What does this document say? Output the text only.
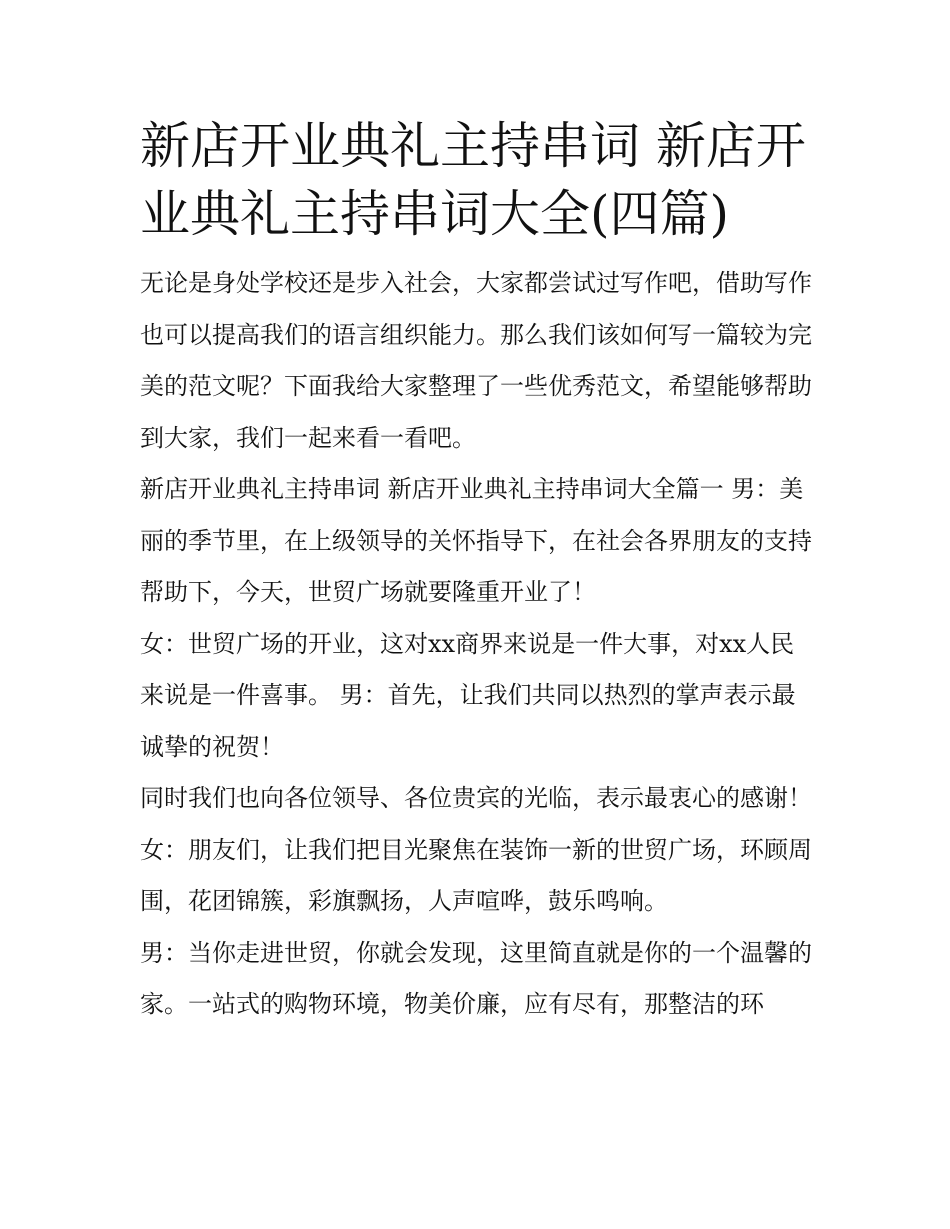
新店开业典礼主持串词 新店开业典礼主持串词大全(四篇)

无论是身处学校还是步入社会，大家都尝试过写作吧，借助写作也可以提高我们的语言组织能力。那么我们该如何写一篇较为完美的范文呢？下面我给大家整理了一些优秀范文，希望能够帮助到大家，我们一起来看一看吧。

新店开业典礼主持串词 新店开业典礼主持串词大全篇一 男：美丽的季节里，在上级领导的关怀指导下，在社会各界朋友的支持帮助下，今天，世贸广场就要隆重开业了！

女：世贸广场的开业，这对xx商界来说是一件大事，对xx人民来说是一件喜事。 男：首先，让我们共同以热烈的掌声表示最诚挚的祝贺！

同时我们也向各位领导、各位贵宾的光临，表示最衷心的感谢！

女：朋友们，让我们把目光聚焦在装饰一新的世贸广场，环顾周围，花团锦簇，彩旗飘扬，人声喧哗，鼓乐鸣响。

男：当你走进世贸，你就会发现，这里简直就是你的一个温馨的家。一站式的购物环境，物美价廉，应有尽有，那整洁的环
